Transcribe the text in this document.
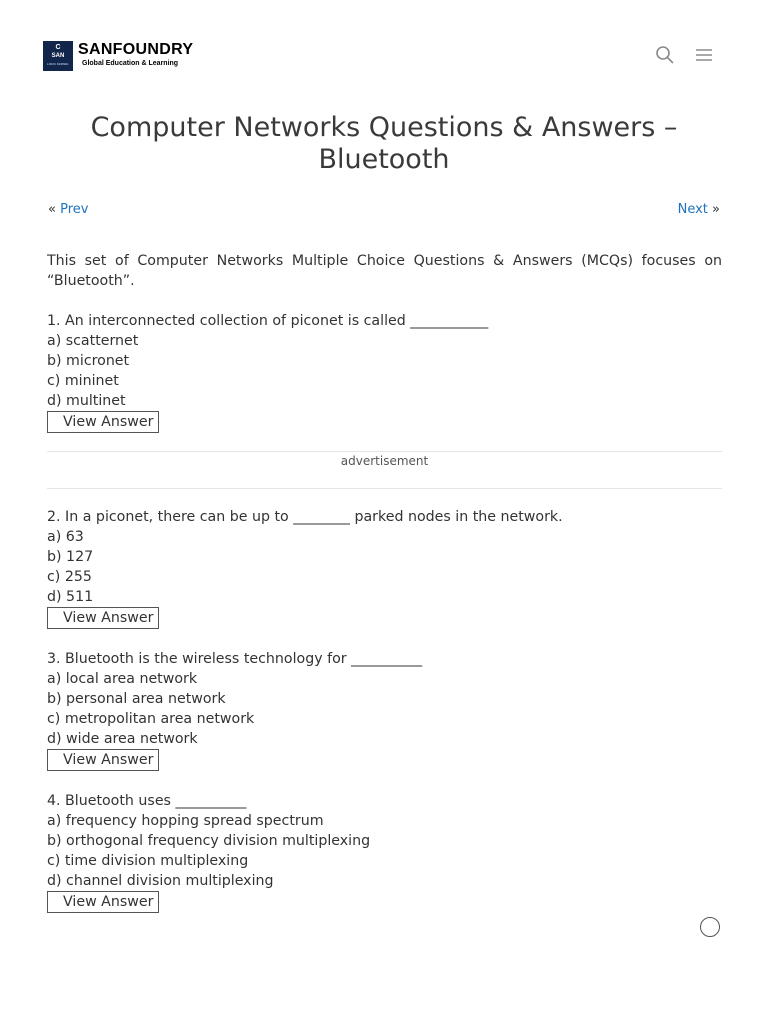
C
SAN
LINUX KERNEL
SANFOUNDRY
Global Education & Learning
Computer Networks Questions & Answers – Bluetooth
« Prev	Next »

This set of Computer Networks Multiple Choice Questions & Answers (MCQs) focuses on “Bluetooth”.

1. An interconnected collection of piconet is called ___________
a) scatternet
b) micronet
c) mininet
d) multinet
View Answer
advertisement
2. In a piconet, there can be up to ________ parked nodes in the network.
a) 63
b) 127
c) 255
d) 511
View Answer
3. Bluetooth is the wireless technology for __________
a) local area network
b) personal area network
c) metropolitan area network
d) wide area network
View Answer
4. Bluetooth uses __________
a) frequency hopping spread spectrum
b) orthogonal frequency division multiplexing
c) time division multiplexing
d) channel division multiplexing
View Answer
